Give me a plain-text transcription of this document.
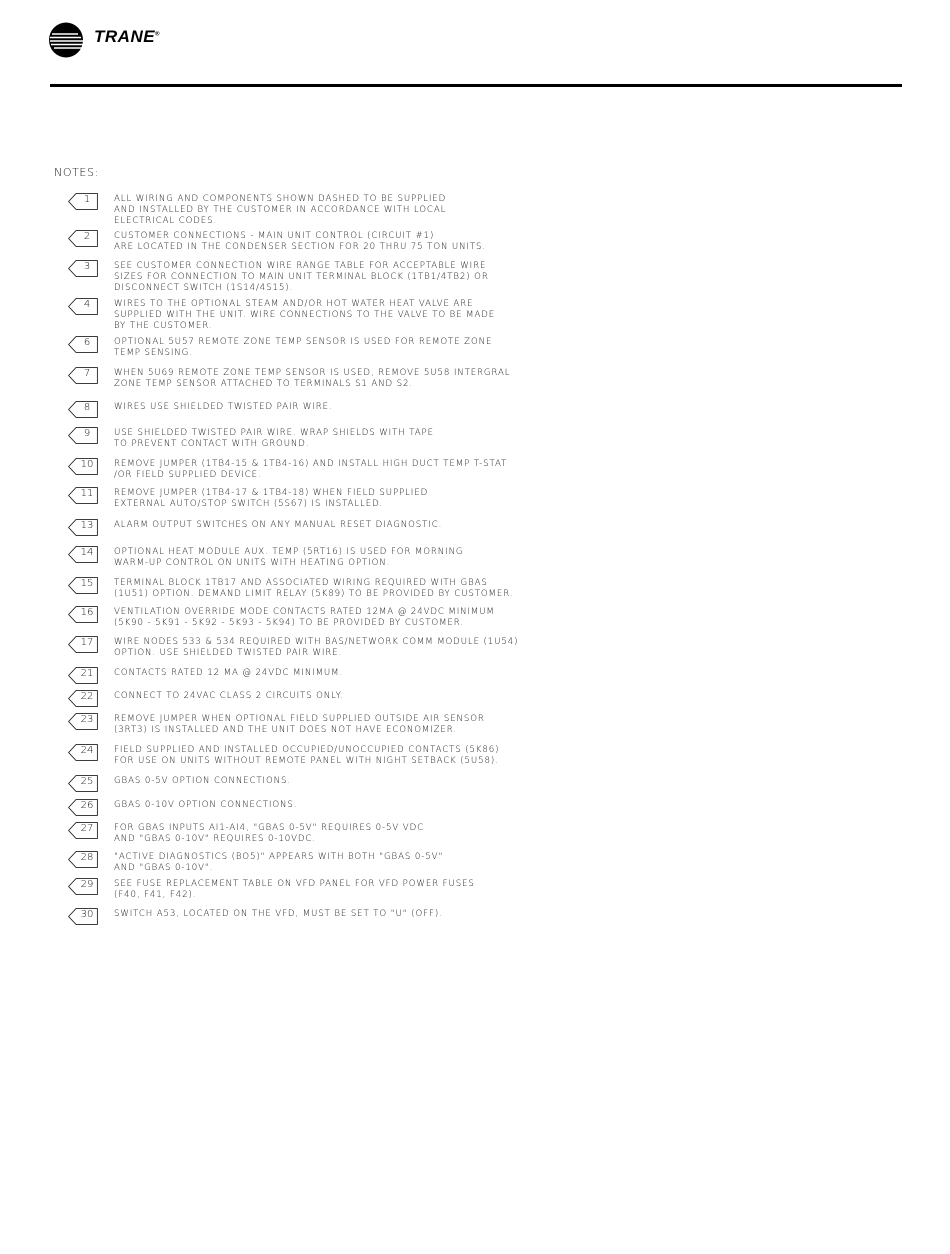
TRANE®
NOTES:
1	ALL WIRING AND COMPONENTS SHOWN DASHED TO BE SUPPLIED
AND INSTALLED BY THE CUSTOMER IN ACCORDANCE WITH LOCAL
ELECTRICAL CODES.
2	CUSTOMER CONNECTIONS - MAIN UNIT CONTROL (CIRCUIT #1)
ARE LOCATED IN THE CONDENSER SECTION FOR 20 THRU 75 TON UNITS.
3	SEE CUSTOMER CONNECTION WIRE RANGE TABLE FOR ACCEPTABLE WIRE
SIZES FOR CONNECTION TO MAIN UNIT TERMINAL BLOCK (1TB1/4TB2) OR
DISCONNECT SWITCH (1S14/4S15).
4	WIRES TO THE OPTIONAL STEAM AND/OR HOT WATER HEAT VALVE ARE
SUPPLIED WITH THE UNIT. WIRE CONNECTIONS TO THE VALVE TO BE MADE
BY THE CUSTOMER.
6	OPTIONAL 5U57 REMOTE ZONE TEMP SENSOR IS USED FOR REMOTE ZONE
TEMP SENSING.
7	WHEN 5U69 REMOTE ZONE TEMP SENSOR IS USED, REMOVE 5U58 INTERGRAL
ZONE TEMP SENSOR ATTACHED TO TERMINALS S1 AND S2.
8	WIRES USE SHIELDED TWISTED PAIR WIRE.
9	USE SHIELDED TWISTED PAIR WIRE. WRAP SHIELDS WITH TAPE
TO PREVENT CONTACT WITH GROUND.
10	REMOVE JUMPER (1TB4-15 & 1TB4-16) AND INSTALL HIGH DUCT TEMP T-STAT
/OR FIELD SUPPLIED DEVICE.
11	REMOVE JUMPER (1TB4-17 & 1TB4-18) WHEN FIELD SUPPLIED
EXTERNAL AUTO/STOP SWITCH (5S67) IS INSTALLED.
13	ALARM OUTPUT SWITCHES ON ANY MANUAL RESET DIAGNOSTIC.
14	OPTIONAL HEAT MODULE AUX. TEMP (5RT16) IS USED FOR MORNING
WARM-UP CONTROL ON UNITS WITH HEATING OPTION.
15	TERMINAL BLOCK 1TB17 AND ASSOCIATED WIRING REQUIRED WITH GBAS
(1U51) OPTION. DEMAND LIMIT RELAY (5K89) TO BE PROVIDED BY CUSTOMER.
16	VENTILATION OVERRIDE MODE CONTACTS RATED 12MA @ 24VDC MINIMUM
(5K90 - 5K91 - 5K92 - 5K93 - 5K94) TO BE PROVIDED BY CUSTOMER.
17	WIRE NODES 533 & 534 REQUIRED WITH BAS/NETWORK COMM MODULE (1U54)
OPTION. USE SHIELDED TWISTED PAIR WIRE.
21	CONTACTS RATED 12 MA @ 24VDC MINIMUM.
22	CONNECT TO 24VAC CLASS 2 CIRCUITS ONLY.
23	REMOVE JUMPER WHEN OPTIONAL FIELD SUPPLIED OUTSIDE AIR SENSOR
(3RT3) IS INSTALLED AND THE UNIT DOES NOT HAVE ECONOMIZER.
24	FIELD SUPPLIED AND INSTALLED OCCUPIED/UNOCCUPIED CONTACTS (5K86)
FOR USE ON UNITS WITHOUT REMOTE PANEL WITH NIGHT SETBACK (5U58).
25	GBAS 0-5V OPTION CONNECTIONS.
26	GBAS 0-10V OPTION CONNECTIONS.
27	FOR GBAS INPUTS AI1-AI4, "GBAS 0-5V" REQUIRES 0-5V VDC
AND "GBAS 0-10V" REQUIRES 0-10VDC.
28	"ACTIVE DIAGNOSTICS (BO5)" APPEARS WITH BOTH "GBAS 0-5V"
AND "GBAS 0-10V".
29	SEE FUSE REPLACEMENT TABLE ON VFD PANEL FOR VFD POWER FUSES
(F40, F41, F42).
30	SWITCH A53, LOCATED ON THE VFD, MUST BE SET TO "U" (OFF).
